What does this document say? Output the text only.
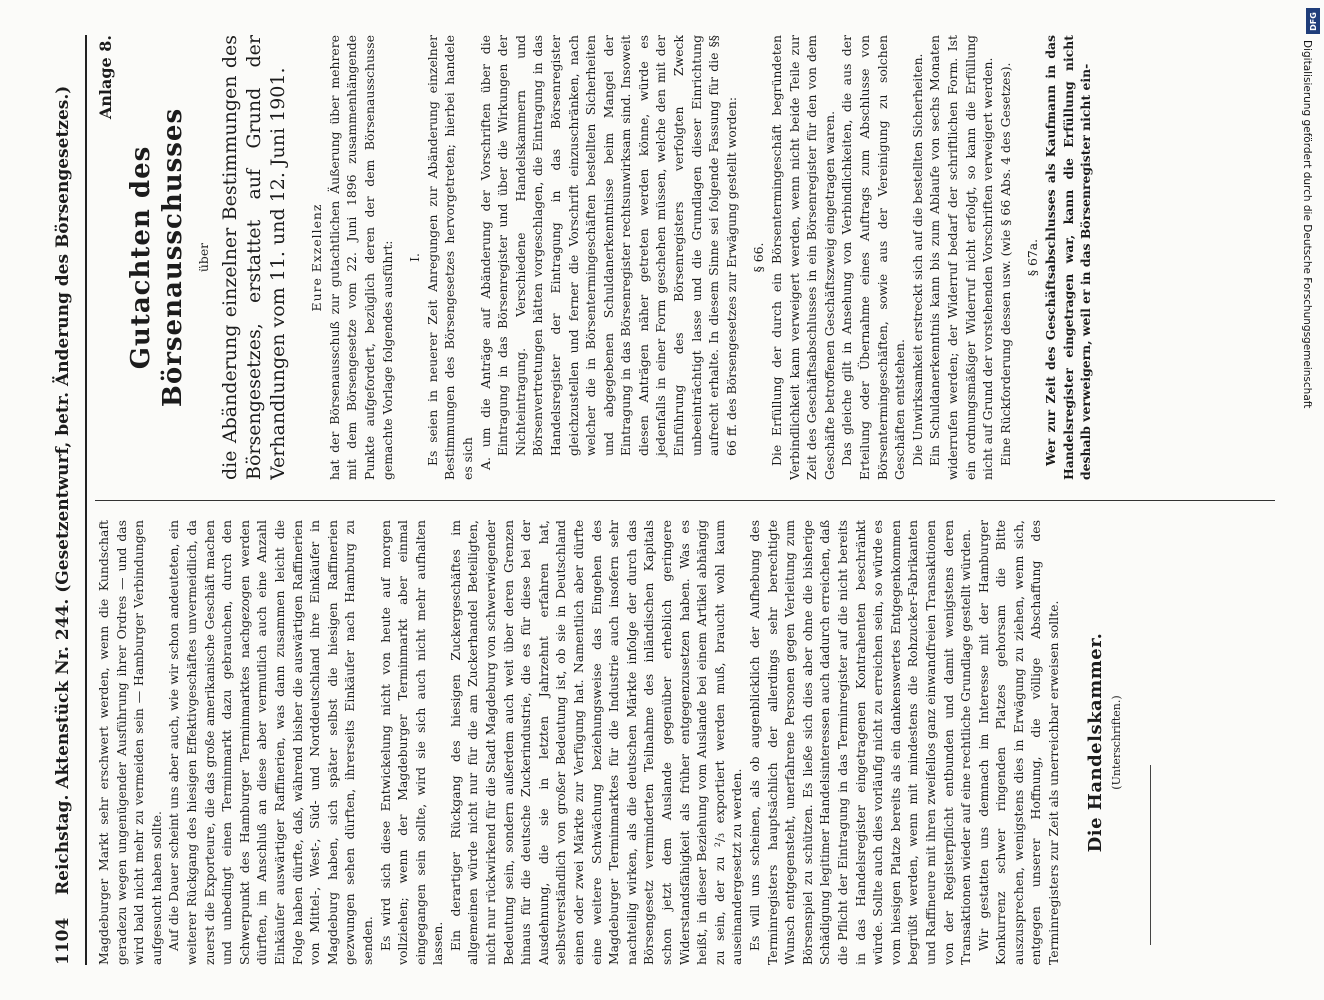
1104
Reichstag. Aktenstück Nr. 244. (Gesetzentwurf, betr. Änderung des Börsengesetzes.) Magdeburger Markt sehr erschwert werden, wenn die Kundschaft geradezu wegen ungenügender Ausführung ihrer Ordres — und das wird bald nicht mehr zu vermeiden sein — Hamburger Verbindungen aufgesucht haben sollte. Auf die Dauer scheint uns aber auch, wie wir schon andeuteten, ein weiterer Rückgang des hiesigen Effektivgeschäftes unvermeidlich, da zuerst die Exporteure, die das große amerikanische Geschäft machen und unbedingt einen Terminmarkt dazu gebrauchen, durch den Schwerpunkt des Hamburger Terminmarktes nachgezogen werden dürften, im Anschluß an diese aber vermutlich auch eine Anzahl Einkäufer auswärtiger Raffinerien, was dann zusammen leicht die Folge haben dürfte, daß, während bisher die auswärtigen Raffinerien von Mittel-, West-, Süd- und Norddeutschland ihre Einkäufer in Magdeburg haben, sich später selbst die hiesigen Raffinerien gezwungen sehen dürften, ihrerseits Einkäufer nach Hamburg zu senden. Es wird sich diese Entwickelung nicht von heute auf morgen vollziehen; wenn der Magdeburger Terminmarkt aber einmal eingegangen sein sollte, wird sie sich auch nicht mehr aufhalten lassen. Ein derartiger Rückgang des hiesigen Zuckergeschäftes im allgemeinen würde nicht nur für die am Zuckerhandel Beteiligten, nicht nur rückwirkend für die Stadt Magdeburg von schwerwiegender Bedeutung sein, sondern außerdem auch weit über deren Grenzen hinaus für die deutsche Zuckerindustrie, die es für diese bei der Ausdehnung, die sie in letzten Jahrzehnt erfahren hat, selbstverständlich von großer Bedeutung ist, ob sie in Deutschland einen oder zwei Märkte zur Verfügung hat. Namentlich aber dürfte eine weitere Schwächung beziehungsweise das Eingehen des Magdeburger Terminmarktes für die Industrie auch insofern sehr nachteilig wirken, als die deutschen Märkte infolge der durch das Börsengesetz verminderten Teilnahme des inländischen Kapitals schon jetzt dem Auslande gegenüber erheblich geringere Widerstandsfähigkeit als früher entgegenzusetzen haben. Was es heißt, in dieser Beziehung vom Auslande bei einem Artikel abhängig zu sein, der zu ²/₃ exportiert werden muß, braucht wohl kaum auseinandergesetzt zu werden. Es will uns scheinen, als ob augenblicklich der Aufhebung des Terminregisters hauptsächlich der allerdings sehr berechtigte Wunsch entgegensteht, unerfahrene Personen gegen Verleitung zum Börsenspiel zu schützen. Es ließe sich dies aber ohne die bisherige Schädigung legitimer Handelsinteressen auch dadurch erreichen, daß die Pflicht der Eintragung in das Terminregister auf die nicht bereits in das Handelsregister eingetragenen Kontrahenten beschränkt würde. Sollte auch dies vorläufig nicht zu erreichen sein, so würde es vom hiesigen Platze bereits als ein dankenswertes Entgegenkommen begrüßt werden, wenn mit mindestens die Rohzucker-Fabrikanten und Raffineure mit ihren zweifellos ganz einwandfreien Transaktionen von der Registerpflicht entbunden und damit wenigstens deren Transaktionen wieder auf eine rechtliche Grundlage gestellt würden. Wir gestatten uns demnach im Interesse mit der Hamburger Konkurrenz schwer ringenden Platzes gehorsam die Bitte auszusprechen, wenigstens dies in Erwägung zu ziehen, wenn sich, entgegen unserer Hoffnung, die völlige Abschaffung des Terminregisters zur Zeit als unerreichbar erweisen sollte. Die Handelskammer. (Unterschriften.)
Anlage 8.
Gutachten des Börsenausschusses über die Abänderung einzelner Bestimmungen des Börsengesetzes, erstattet auf Grund der Verhandlungen vom 11. und 12. Juni 1901. Eure Exzellenz hat der Börsenausschuß zur gutachtlichen Äußerung über mehrere mit dem Börsengesetze vom 22. Juni 1896 zusammenhängende Punkte aufgefordert, bezüglich deren der dem Börsenausschusse gemachte Vorlage folgendes ausführt: I. Es seien in neuerer Zeit Anregungen zur Abänderung einzelner Bestimmungen des Börsengesetzes hervorgetreten; hierbei handele es sich A. um die Anträge auf Abänderung der Vorschriften über die Eintragung in das Börsenregister und über die Wirkungen der Nichteintragung. Verschiedene Handelskammern und Börsenvertretungen hätten vorgeschlagen, die Eintragung in das Handelsregister der Eintragung in das Börsenregister gleichzustellen und ferner die Vorschrift einzuschränken, nach welcher die in Börsentermingeschäften bestellten Sicherheiten und abgegebenen Schuldanerkenntnisse beim Mangel der Eintragung in das Börsenregister rechtsunwirksam sind. Insoweit diesen Anträgen näher getreten werden könne, würde es jedenfalls in einer Form geschehen müssen, welche den mit der Einführung des Börsenregisters verfolgten Zweck unbeeinträchtigt lasse und die Grundlagen dieser Einrichtung aufrecht erhalte. In diesem Sinne sei folgende Fassung für die §§ 66 ff. des Börsengesetzes zur Erwägung gestellt worden: § 66. Die Erfüllung der durch ein Börsentermingeschäft begründeten Verbindlichkeit kann verweigert werden, wenn nicht beide Teile zur Zeit des Geschäftsabschlusses in ein Börsenregister für den von dem Geschäfte betroffenen Geschäftszweig eingetragen waren. Das gleiche gilt in Ansehung von Verbindlichkeiten, die aus der Erteilung oder Übernahme eines Auftrags zum Abschlusse von Börsentermingeschäften, sowie aus der Vereinigung zu solchen Geschäften entstehen. Die Unwirksamkeit erstreckt sich auf die bestellten Sicherheiten. Ein Schuldanerkenntnis kann bis zum Ablaufe von sechs Monaten widerrufen werden; der Widerruf bedarf der schriftlichen Form. Ist ein ordnungsmäßiger Widerruf nicht erfolgt, so kann die Erfüllung nicht auf Grund der vorstehenden Vorschriften verweigert werden. Eine Rückforderung dessen usw. (wie § 66 Abs. 4 des Gesetzes). § 67a. Wer zur Zeit des Geschäftsabschlusses als Kaufmann in das Handelsregister eingetragen war, kann die Erfüllung nicht deshalb verweigern, weil er in das Börsenregister nicht ein-

DFG
Digitalisierung gefördert durch die Deutsche Forschungsgemeinschaft
